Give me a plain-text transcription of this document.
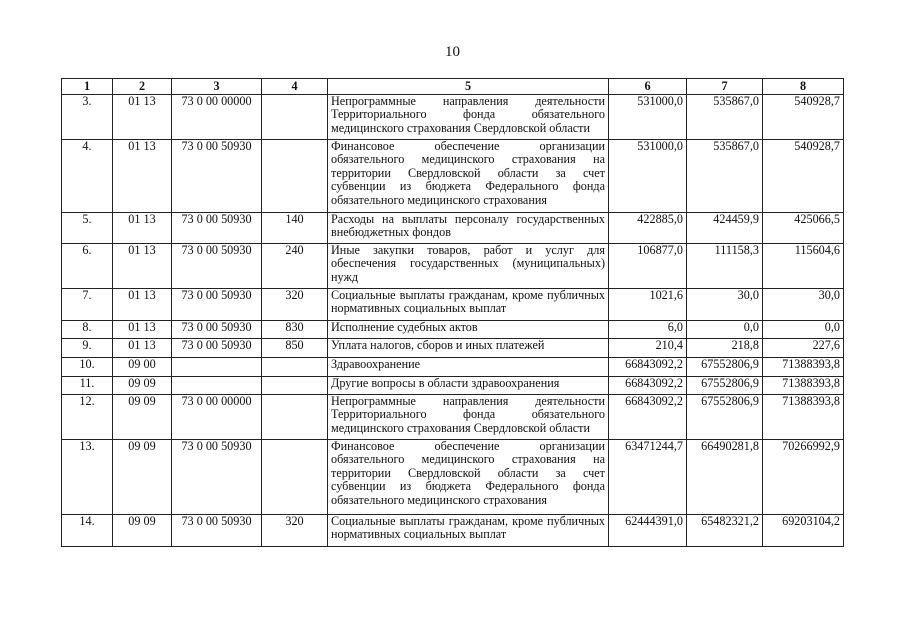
10
1	2	3	4	5	6	7	8
3.	01 13	73 0 00 00000		Непрограммные направления деятельности Территориального фонда обязательного медицинского страхования Свердловской области	531000,0	535867,0	540928,7
4.	01 13	73 0 00 50930		Финансовое обеспечение организации обязательного медицинского страхования на территории Свердловской области за счет субвенции из бюджета Федерального фонда обязательного медицинского страхования	531000,0	535867,0	540928,7
5.	01 13	73 0 00 50930	140	Расходы на выплаты персоналу государственных внебюджетных фондов	422885,0	424459,9	425066,5
6.	01 13	73 0 00 50930	240	Иные закупки товаров, работ и услуг для обеспечения государственных (муниципальных) нужд	106877,0	111158,3	115604,6
7.	01 13	73 0 00 50930	320	Социальные выплаты гражданам, кроме публичных нормативных социальных выплат	1021,6	30,0	30,0
8.	01 13	73 0 00 50930	830	Исполнение судебных актов	6,0	0,0	0,0
9.	01 13	73 0 00 50930	850	Уплата налогов, сборов и иных платежей	210,4	218,8	227,6
10.	09 00			Здравоохранение	66843092,2	67552806,9	71388393,8
11.	09 09			Другие вопросы в области здравоохранения	66843092,2	67552806,9	71388393,8
12.	09 09	73 0 00 00000		Непрограммные направления деятельности Территориального фонда обязательного медицинского страхования Свердловской области	66843092,2	67552806,9	71388393,8
13.	09 09	73 0 00 50930		Финансовое обеспечение организации обязательного медицинского страхования на территории Свердловской области за счет субвенции из бюджета Федерального фонда обязательного медицинского страхования	63471244,7	66490281,8	70266992,9
14.	09 09	73 0 00 50930	320	Социальные выплаты гражданам, кроме публичных нормативных социальных выплат	62444391,0	65482321,2	69203104,2
